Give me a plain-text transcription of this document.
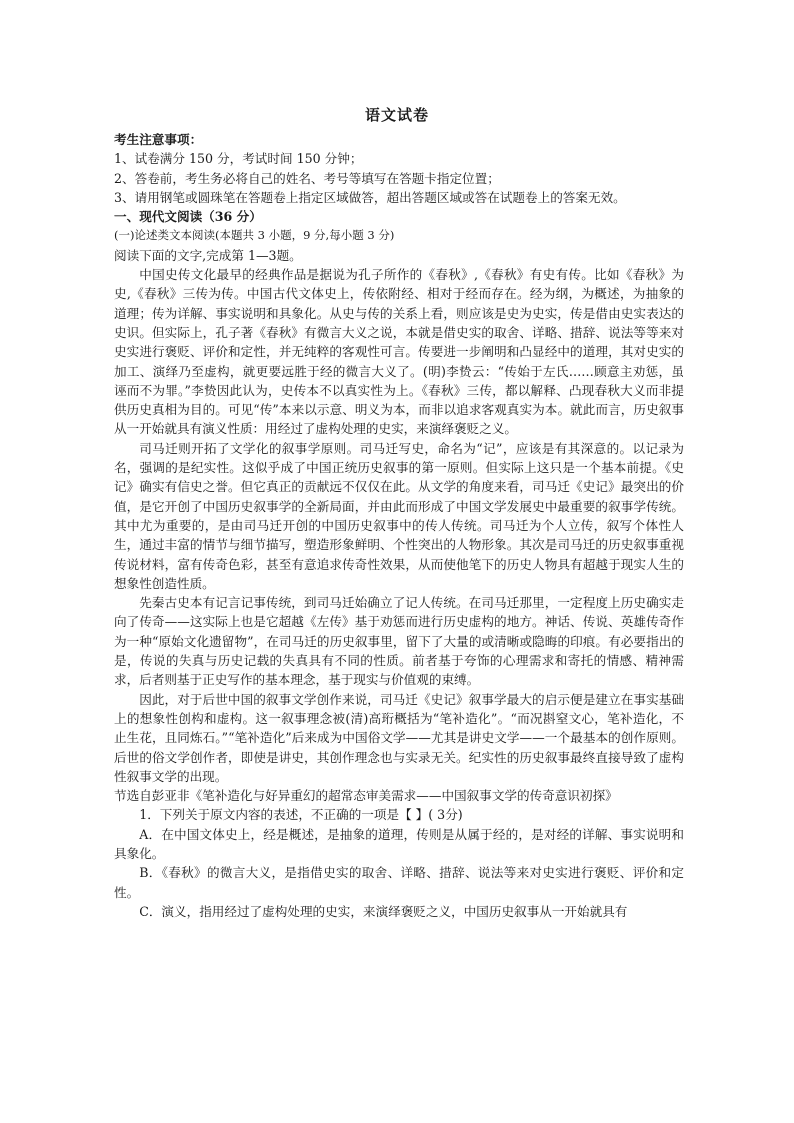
语文试卷
考生注意事项：
1、试卷满分 150 分，考试时间 150 分钟；
2、答卷前，考生务必将自己的姓名、考号等填写在答题卡指定位置；
3、请用钢笔或圆珠笔在答题卷上指定区域做答，超出答题区域或答在试题卷上的答案无效。
一、现代文阅读（36 分）
(一)论述类文本阅读(本题共 3 小题，9 分,每小题 3 分)
阅读下面的文字,完成第 1—3题。
中国史传文化最早的经典作品是据说为孔子所作的《春秋》,《春秋》有史有传。比如《春秋》为史,《春秋》三传为传。中国古代文体史上，传依附经、相对于经而存在。经为纲，为概述，为抽象的道理；传为详解、事实说明和具象化。从史与传的关系上看，则应该是史为史实，传是借由史实表达的史识。但实际上，孔子著《春秋》有微言大义之说，本就是借史实的取舍、详略、措辞、说法等等来对史实进行褒贬、评价和定性，并无纯粹的客观性可言。传要进一步阐明和凸显经中的道理，其对史实的加工、演绎乃至虚构，就更要远胜于经的微言大义了。(明)李贽云：“传始于左氏……顾意主劝惩，虽诬而不为罪。”李贽因此认为，史传本不以真实性为上。《春秋》三传，都以解释、凸现春秋大义而非提供历史真相为目的。可见“传”本来以示意、明义为本，而非以追求客观真实为本。就此而言，历史叙事从一开始就具有演义性质：用经过了虚构处理的史实，来演绎褒贬之义。
司马迁则开拓了文学化的叙事学原则。司马迁写史，命名为“记”，应该是有其深意的。以记录为名，强调的是纪实性。这似乎成了中国正统历史叙事的第一原则。但实际上这只是一个基本前提。《史记》确实有信史之誉。但它真正的贡献远不仅仅在此。从文学的角度来看，司马迁《史记》最突出的价值，是它开创了中国历史叙事学的全新局面，并由此而形成了中国文学发展史中最重要的叙事学传统。其中尤为重要的，是由司马迁开创的中国历史叙事中的传人传统。司马迁为个人立传，叙写个体性人生，通过丰富的情节与细节描写，塑造形象鲜明、个性突出的人物形象。其次是司马迁的历史叙事重视传说材料，富有传奇色彩，甚至有意追求传奇性效果，从而使他笔下的历史人物具有超越于现实人生的想象性创造性质。
先秦古史本有记言记事传统，到司马迁始确立了记人传统。在司马迁那里，一定程度上历史确实走向了传奇——这实际上也是它超越《左传》基于劝惩而进行历史虚构的地方。神话、传说、英雄传奇作为一种“原始文化遗留物”，在司马迁的历史叙事里，留下了大量的或清晰或隐晦的印痕。有必要指出的是，传说的失真与历史记载的失真具有不同的性质。前者基于夸饰的心理需求和寄托的情感、精神需求，后者则基于正史写作的基本理念，基于现实与价值观的束缚。
因此，对于后世中国的叙事文学创作来说，司马迁《史记》叙事学最大的启示便是建立在事实基础上的想象性创构和虚构。这一叙事理念被(清)高珩概括为“笔补造化”。“而况斟窒文心，笔补造化，不止生花，且同炼石。”“笔补造化”后来成为中国俗文学——尤其是讲史文学——一个最基本的创作原则。后世的俗文学创作者，即使是讲史，其创作理念也与实录无关。纪实性的历史叙事最终直接导致了虚构性叙事文学的出现。
节选自彭亚非《笔补造化与好异重幻的超常态审美需求——中国叙事文学的传奇意识初探》
1．下列关于原文内容的表述，不正确的一项是【 】( 3分)
A．在中国文体史上，经是概述，是抽象的道理，传则是从属于经的，是对经的详解、事实说明和具象化。
B．《春秋》的微言大义，是指借史实的取舍、详略、措辞、说法等来对史实进行褒贬、评价和定性。
C．演义，指用经过了虚构处理的史实，来演绎褒贬之义，中国历史叙事从一开始就具有
